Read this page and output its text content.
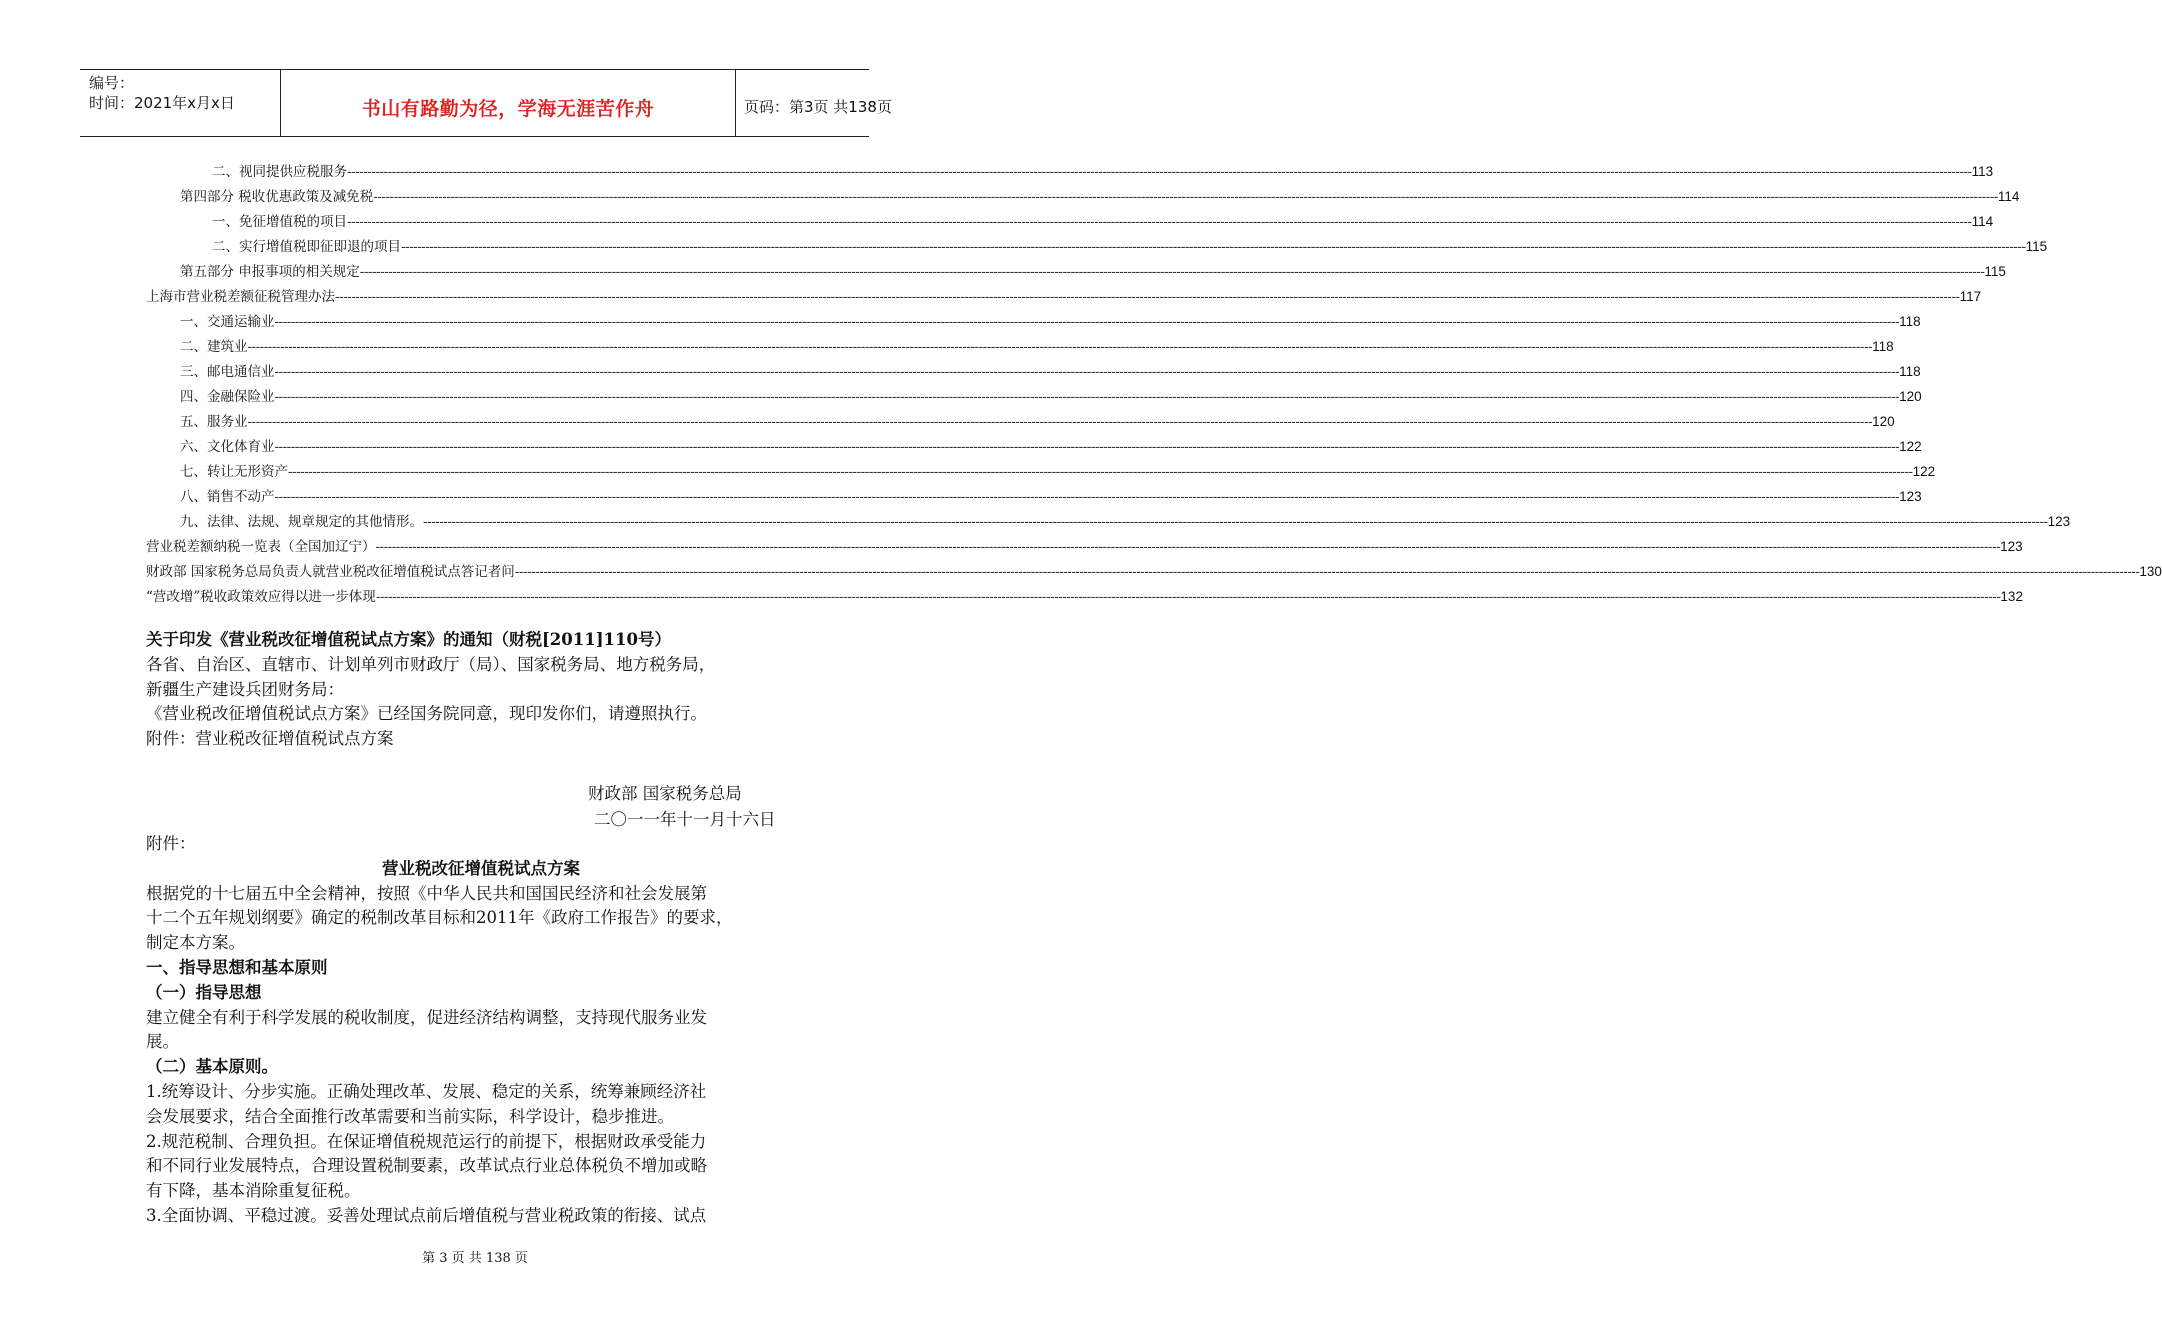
编号：
时间：2021年x月x日	书山有路勤为径，学海无涯苦作舟	页码：第3页 共138页
二、视同提供应税服务 ---------------------------------------------------------------------------------------------------------------------------------------------------------------------------------------------------------------------------------------------------------------------------------------------------------------------------------------------------------------------------------------------------------------- 113
第四部分 税收优惠政策及减免税 ---------------------------------------------------------------------------------------------------------------------------------------------------------------------------------------------------------------------------------------------------------------------------------------------------------------------------------------------------------------------------------------------------------------- 114
一、免征增值税的项目 ---------------------------------------------------------------------------------------------------------------------------------------------------------------------------------------------------------------------------------------------------------------------------------------------------------------------------------------------------------------------------------------------------------------- 114
二、实行增值税即征即退的项目 ---------------------------------------------------------------------------------------------------------------------------------------------------------------------------------------------------------------------------------------------------------------------------------------------------------------------------------------------------------------------------------------------------------------- 115
第五部分 申报事项的相关规定 ---------------------------------------------------------------------------------------------------------------------------------------------------------------------------------------------------------------------------------------------------------------------------------------------------------------------------------------------------------------------------------------------------------------- 115
上海市营业税差额征税管理办法 ---------------------------------------------------------------------------------------------------------------------------------------------------------------------------------------------------------------------------------------------------------------------------------------------------------------------------------------------------------------------------------------------------------------- 117
一、交通运输业 ---------------------------------------------------------------------------------------------------------------------------------------------------------------------------------------------------------------------------------------------------------------------------------------------------------------------------------------------------------------------------------------------------------------- 118
二、建筑业 ---------------------------------------------------------------------------------------------------------------------------------------------------------------------------------------------------------------------------------------------------------------------------------------------------------------------------------------------------------------------------------------------------------------- 118
三、邮电通信业 ---------------------------------------------------------------------------------------------------------------------------------------------------------------------------------------------------------------------------------------------------------------------------------------------------------------------------------------------------------------------------------------------------------------- 118
四、金融保险业 ---------------------------------------------------------------------------------------------------------------------------------------------------------------------------------------------------------------------------------------------------------------------------------------------------------------------------------------------------------------------------------------------------------------- 120
五、服务业 ---------------------------------------------------------------------------------------------------------------------------------------------------------------------------------------------------------------------------------------------------------------------------------------------------------------------------------------------------------------------------------------------------------------- 120
六、文化体育业 ---------------------------------------------------------------------------------------------------------------------------------------------------------------------------------------------------------------------------------------------------------------------------------------------------------------------------------------------------------------------------------------------------------------- 122
七、转让无形资产 ---------------------------------------------------------------------------------------------------------------------------------------------------------------------------------------------------------------------------------------------------------------------------------------------------------------------------------------------------------------------------------------------------------------- 122
八、销售不动产 ---------------------------------------------------------------------------------------------------------------------------------------------------------------------------------------------------------------------------------------------------------------------------------------------------------------------------------------------------------------------------------------------------------------- 123
九、法律、法规、规章规定的其他情形。 ---------------------------------------------------------------------------------------------------------------------------------------------------------------------------------------------------------------------------------------------------------------------------------------------------------------------------------------------------------------------------------------------------------------- 123
营业税差额纳税一览表（全国加辽宁） ---------------------------------------------------------------------------------------------------------------------------------------------------------------------------------------------------------------------------------------------------------------------------------------------------------------------------------------------------------------------------------------------------------------- 123
财政部 国家税务总局负责人就营业税改征增值税试点答记者问 ---------------------------------------------------------------------------------------------------------------------------------------------------------------------------------------------------------------------------------------------------------------------------------------------------------------------------------------------------------------------------------------------------------------- 130
“营改增”税收政策效应得以进一步体现 ---------------------------------------------------------------------------------------------------------------------------------------------------------------------------------------------------------------------------------------------------------------------------------------------------------------------------------------------------------------------------------------------------------------- 132

关于印发《营业税改征增值税试点方案》的通知（财税[2011]110号）

各省、自治区、直辖市、计划单列市财政厅（局）、国家税务局、地方税务局，

新疆生产建设兵团财务局：

《营业税改征增值税试点方案》已经国务院同意，现印发你们，请遵照执行。

附件：营业税改征增值税试点方案

财政部 国家税务总局
二〇一一年十一月十六日

附件：

营业税改征增值税试点方案

根据党的十七届五中全会精神，按照《中华人民共和国国民经济和社会发展第

十二个五年规划纲要》确定的税制改革目标和2011年《政府工作报告》的要求，

制定本方案。

一、指导思想和基本原则

（一）指导思想

建立健全有利于科学发展的税收制度，促进经济结构调整，支持现代服务业发

展。

（二）基本原则。

1.统筹设计、分步实施。正确处理改革、发展、稳定的关系，统筹兼顾经济社

会发展要求，结合全面推行改革需要和当前实际，科学设计，稳步推进。

2.规范税制、合理负担。在保证增值税规范运行的前提下，根据财政承受能力

和不同行业发展特点，合理设置税制要素，改革试点行业总体税负不增加或略

有下降，基本消除重复征税。

3.全面协调、平稳过渡。妥善处理试点前后增值税与营业税政策的衔接、试点

第 3 页 共 138 页
